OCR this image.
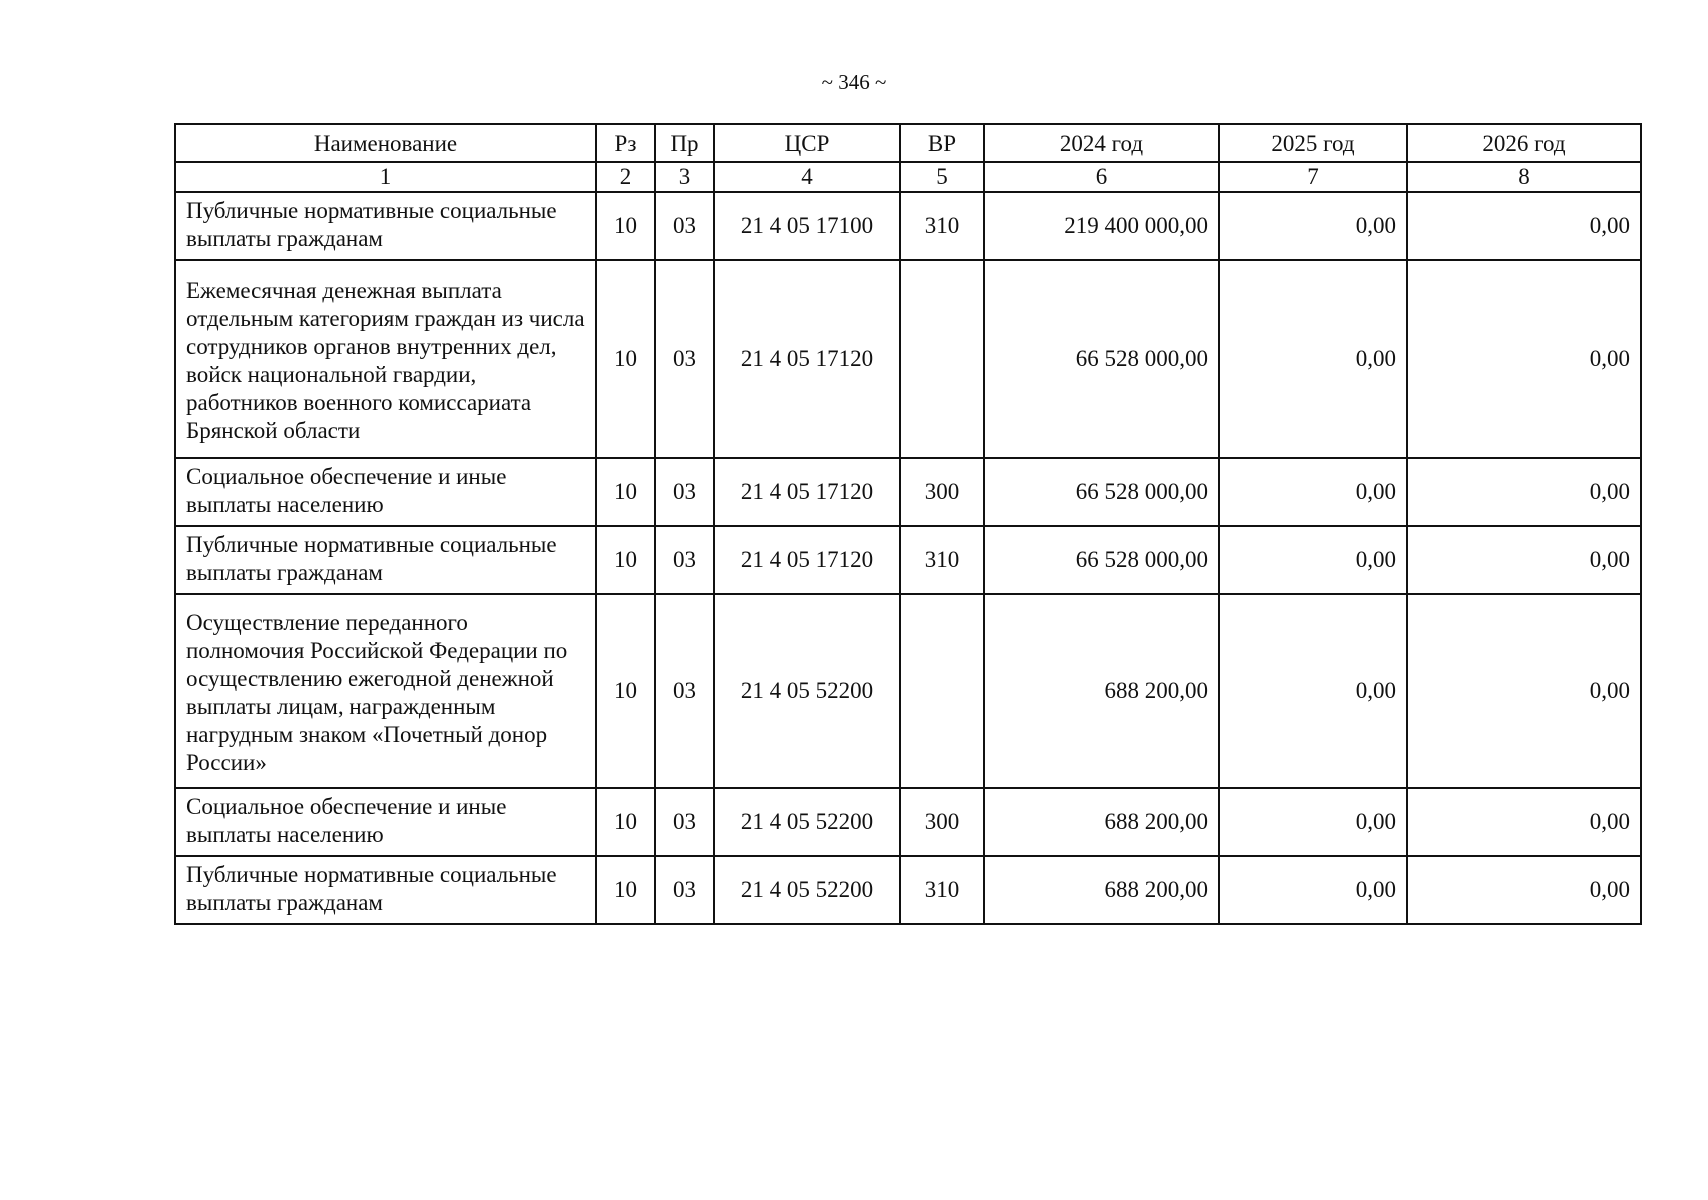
~ 346 ~
Наименование	Рз	Пр	ЦСР	ВР	2024 год	2025 год	2026 год
1	2	3	4	5	6	7	8
Публичные нормативные социальные выплаты гражданам	10	03	21 4 05 17100	310	219 400 000,00	0,00	0,00
Ежемесячная денежная выплата отдельным категориям граждан из числа сотрудников органов внутренних дел, войск национальной гвардии, работников военного комиссариата Брянской области	10	03	21 4 05 17120		66 528 000,00	0,00	0,00
Социальное обеспечение и иные выплаты населению	10	03	21 4 05 17120	300	66 528 000,00	0,00	0,00
Публичные нормативные социальные выплаты гражданам	10	03	21 4 05 17120	310	66 528 000,00	0,00	0,00
Осуществление переданного полномочия Российской Федерации по осуществлению ежегодной денежной выплаты лицам, награжденным нагрудным знаком «Почетный донор России»	10	03	21 4 05 52200		688 200,00	0,00	0,00
Социальное обеспечение и иные выплаты населению	10	03	21 4 05 52200	300	688 200,00	0,00	0,00
Публичные нормативные социальные выплаты гражданам	10	03	21 4 05 52200	310	688 200,00	0,00	0,00
